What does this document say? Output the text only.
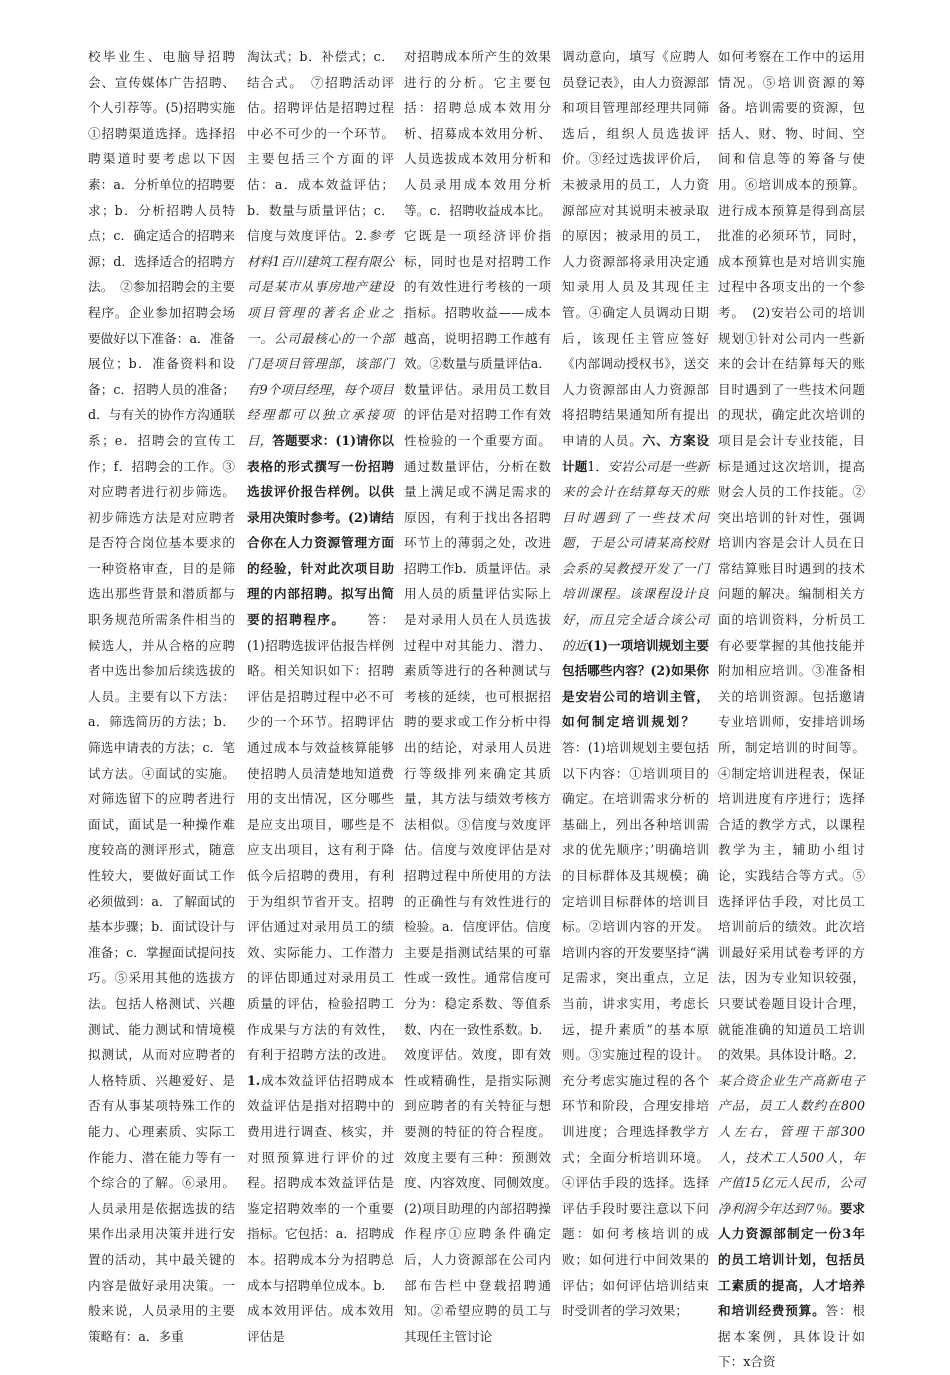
校毕业生、电脑导招聘会、宣传媒体广告招聘、个人引荐等。(5)招聘实施①招聘渠道选择。选择招聘渠道时要考虑以下因素：a．分析单位的招聘要求；b．分析招聘人员特点；c．确定适合的招聘来源；d．选择适合的招聘方法。　②参加招聘会的主要程序。企业参加招聘会场要做好以下准备：a．准备展位；b．准备资料和设备；c．招聘人员的准备；d．与有关的协作方沟通联系；e．招聘会的宣传工作；f．招聘会的工作。③对应聘者进行初步筛选。初步筛选方法是对应聘者是否符合岗位基本要求的一种资格审查，目的是筛选出那些背景和潜质都与职务规范所需条件相当的候选人，并从合格的应聘者中选出参加后续选拔的人员。主要有以下方法：a．筛选简历的方法；b．筛选申请表的方法；c．笔试方法。④面试的实施。对筛选留下的应聘者进行面试，面试是一种操作难度较高的测评形式，随意性较大，要做好面试工作必须做到：a．了解面试的基本步骤；b．面试设计与准备；c．掌握面试提问技巧。⑤采用其他的选拔方法。包括人格测试、兴趣测试、能力测试和情境模拟测试，从而对应聘者的人格特质、兴趣爱好、是否有从事某项特殊工作的能力、心理素质、实际工作能力、潜在能力等有一个综合的了解。⑥录用。人员录用是依据选拔的结果作出录用决策并进行安置的活动，其中最关键的内容是做好录用决策。一般来说，人员录用的主要策略有：a．多重
淘汰式；b．补偿式；c．结合式。　⑦招聘活动评估。招聘评估是招聘过程中必不可少的一个环节。主要包括三个方面的评估：a．成本效益评估；b．数量与质量评估；c．信度与效度评估。2.参考材料1百川建筑工程有限公司是某市从事房地产建设项目管理的著名企业之一。公司最核心的一个部门是项目管理部，该部门有9个项目经理，每个项目经理都可以独立承接项目，答题要求：(1)请你以表格的形式撰写一份招聘选拔评价报告样例。以供录用决策时参考。(2)请结合你在人力资源管理方面的经验，针对此次项目助理的内部招聘。拟写出简要的招聘程序。　　答：(1)招聘选拔评估报告样例略。相关知识如下：招聘评估是招聘过程中必不可少的一个环节。招聘评估通过成本与效益核算能够使招聘人员清楚地知道费用的支出情况，区分哪些是应支出项目，哪些是不应支出项目，这有利于降低今后招聘的费用，有利于为组织节省开支。招聘评估通过对录用员工的绩效、实际能力、工作潜力的评估即通过对录用员工质量的评估，检验招聘工作成果与方法的有效性，有利于招聘方法的改进。1.成本效益评估招聘成本效益评估是指对招聘中的费用进行调查、核实，并对照预算进行评价的过程。招聘成本效益评估是鉴定招聘效率的一个重要指标。它包括：a．招聘成本。招聘成本分为招聘总成本与招聘单位成本。b．成本效用评估。成本效用评估是
对招聘成本所产生的效果进行的分析。它主要包括：招聘总成本效用分析、招募成本效用分析、人员选拔成本效用分析和人员录用成本效用分析等。c．招聘收益成本比。它既是一项经济评价指标，同时也是对招聘工作的有效性进行考核的一项指标。招聘收益——成本越高，说明招聘工作越有效。②数量与质量评估a．数量评估。录用员工数目的评估是对招聘工作有效性检验的一个重要方面。通过数量评估，分析在数量上满足或不满足需求的原因，有利于找出各招聘环节上的薄弱之处，改进招聘工作b．质量评估。录用人员的质量评估实际上是对录用人员在人员选拔过程中对其能力、潜力、素质等进行的各种测试与考核的延续，也可根据招聘的要求或工作分析中得出的结论，对录用人员进行等级排列来确定其质量，其方法与绩效考核方法相似。③信度与效度评估。信度与效度评估是对招聘过程中所使用的方法的正确性与有效性进行的检验。a．信度评估。信度主要是指测试结果的可靠性或一致性。通常信度可分为：稳定系数、等值系数、内在一致性系数。b．效度评估。效度，即有效性或精确性，是指实际测到应聘者的有关特征与想要测的特征的符合程度。效度主要有三种：预测效度、内容效度、同侧效度。　(2)项目助理的内部招聘操作程序①应聘条件确定后，人力资源部在公司内部布告栏中登载招聘通知。②希望应聘的员工与其现任主管讨论
调动意向，填写《应聘人员登记表》，由人力资源部和项目管理部经理共同筛选后，组织人员选拔评价。③经过选拔评价后，未被录用的员工，人力资源部应对其说明未被录取的原因；被录用的员工，人力资源部将录用决定通知录用人员及其现任主管。④确定人员调动日期后，该现任主管应签好《内部调动授权书》，送交人力资源部由人力资源部将招聘结果通知所有提出申请的人员。六、方案设计题1．安岩公司是一些新来的会计在结算每天的账目时遇到了一些技术问题，于是公司请某高校财会系的吴教授开发了一门培训课程。该课程设计良好，而且完全适合该公司的近(1)一项培训规划主要包括哪些内容？(2)如果你是安岩公司的培训主管，如何制定培训规划？　答：(1)培训规划主要包括以下内容：①培训项目的确定。在培训需求分析的基础上，列出各种培训需求的优先顺序；’明确培训的目标群体及其规模；确定培训目标群体的培训目标。②培训内容的开发。培训内容的开发要坚持“满足需求，突出重点，立足当前，讲求实用，考虑长远，提升素质”的基本原则。③实施过程的设计。充分考虑实施过程的各个环节和阶段，合理安排培训进度；合理选择教学方式；全面分析培训环境。④评估手段的选择。选择评估手段时要注意以下问题：如何考核培训的成败；如何进行中间效果的评估；如何评估培训结束时受训者的学习效果；
如何考察在工作中的运用情况。⑤培训资源的筹备。培训需要的资源，包括人、财、物、时间、空间和信息等的筹备与使用。⑥培训成本的预算。进行成本预算是得到高层批准的必须环节，同时，成本预算也是对培训实施过程中各项支出的一个参考。　(2)安岩公司的培训规划①针对公司内一些新来的会计在结算每天的账目时遇到了一些技术问题的现状，确定此次培训的项目是会计专业技能，目标是通过这次培训，提高财会人员的工作技能。②突出培训的针对性，强调培训内容是会计人员在日常结算账目时遇到的技术问题的解决。编制相关方面的培训资料，分析员工有必要掌握的其他技能并附加相应培训。③准备相关的培训资源。包括邀请专业培训师，安排培训场所，制定培训的时间等。④制定培训进程表，保证培训进度有序进行；选择合适的教学方式，以课程教学为主，辅助小组讨论，实践结合等方式。⑤选择评估手段，对比员工培训前后的绩效。此次培训最好采用试卷考评的方法，因为专业知识较强，只要试卷题目设计合理，就能准确的知道员工培训的效果。具体设计略。2．某合资企业生产高新电子产品，员工人数约在800人左右，管理干部300人，技术工人500人，年产值15亿元人民币，公司净利润今年达到7％。要求人力资源部制定一份3年的员工培训计划，包括员工素质的提高，人才培养和培训经费预算。答：根据本案例，具体设计如下：x合资
